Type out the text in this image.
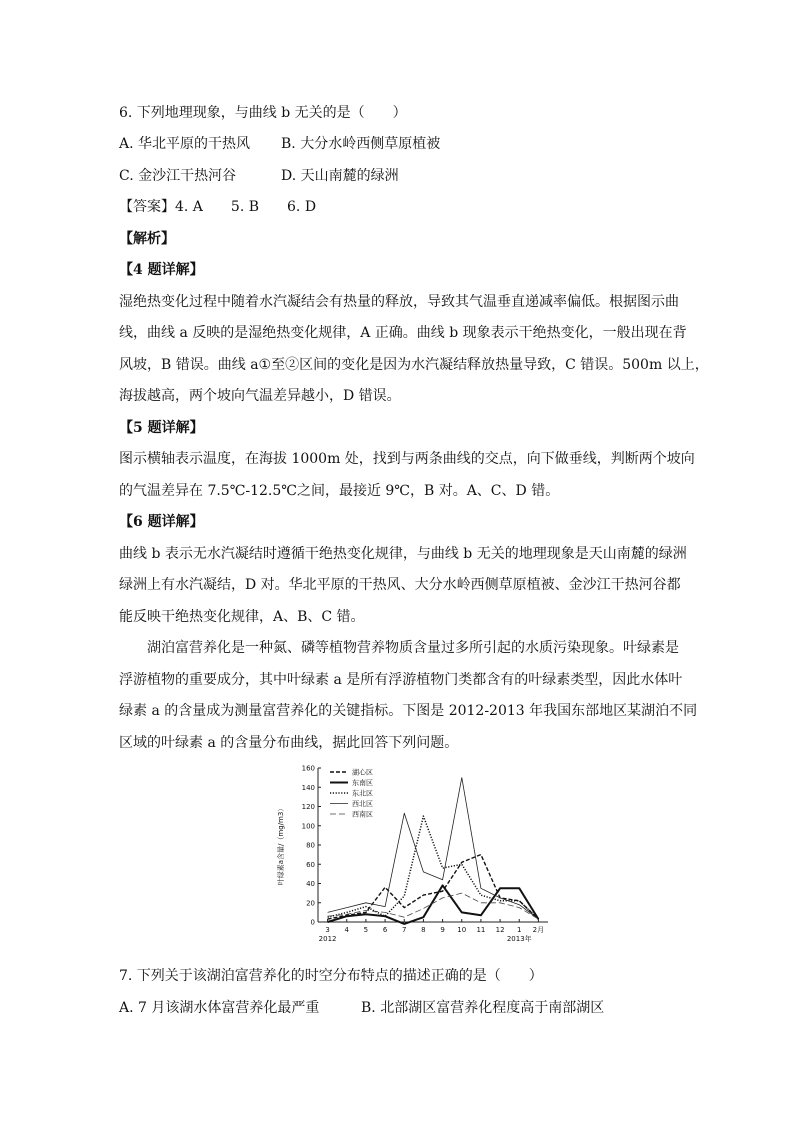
6. 下列地理现象，与曲线 b 无关的是（　　）
A. 华北平原的干热风 B. 大分水岭西侧草原植被
C. 金沙江干热河谷	D. 天山南麓的绿洲
【答案】4. A　　5. B　　6. D
【解析】
【4 题详解】
湿绝热变化过程中随着水汽凝结会有热量的释放，导致其气温垂直递减率偏低。根据图示曲
线，曲线 a 反映的是湿绝热变化规律，A 正确。曲线 b 现象表示干绝热变化，一般出现在背
风坡，B 错误。曲线 a①至②区间的变化是因为水汽凝结释放热量导致，C 错误。500m 以上，
海拔越高，两个坡向气温差异越小，D 错误。
【5 题详解】
图示横轴表示温度，在海拔 1000m 处，找到与两条曲线的交点，向下做垂线，判断两个坡向
的气温差异在 7.5℃-12.5℃之间，最接近 9℃，B 对。A、C、D 错。
【6 题详解】
曲线 b 表示无水汽凝结时遵循干绝热变化规律，与曲线 b 无关的地理现象是天山南麓的绿洲
绿洲上有水汽凝结，D 对。华北平原的干热风、大分水岭西侧草原植被、金沙江干热河谷都
能反映干绝热变化规律，A、B、C 错。
湖泊富营养化是一种氮、磷等植物营养物质含量过多所引起的水质污染现象。叶绿素是
浮游植物的重要成分，其中叶绿素 a 是所有浮游植物门类都含有的叶绿素类型，因此水体叶
绿素 a 的含量成为测量富营养化的关键指标。下图是 2012-2013 年我国东部地区某湖泊不同
区域的叶绿素 a 的含量分布曲线，据此回答下列问题。
0
20
40
60
80
100
120
140
160
3 4 5 6 7 8 9 10 11 12 1 2月
2012	2013年
叶绿素a含量/（mg/m3）
湖心区
东南区
东北区
西北区
西南区
7. 下列关于该湖泊富营养化的时空分布特点的描述正确的是（　　）
A. 7 月该湖水体富营养化最严重	B. 北部湖区富营养化程度高于南部湖区
